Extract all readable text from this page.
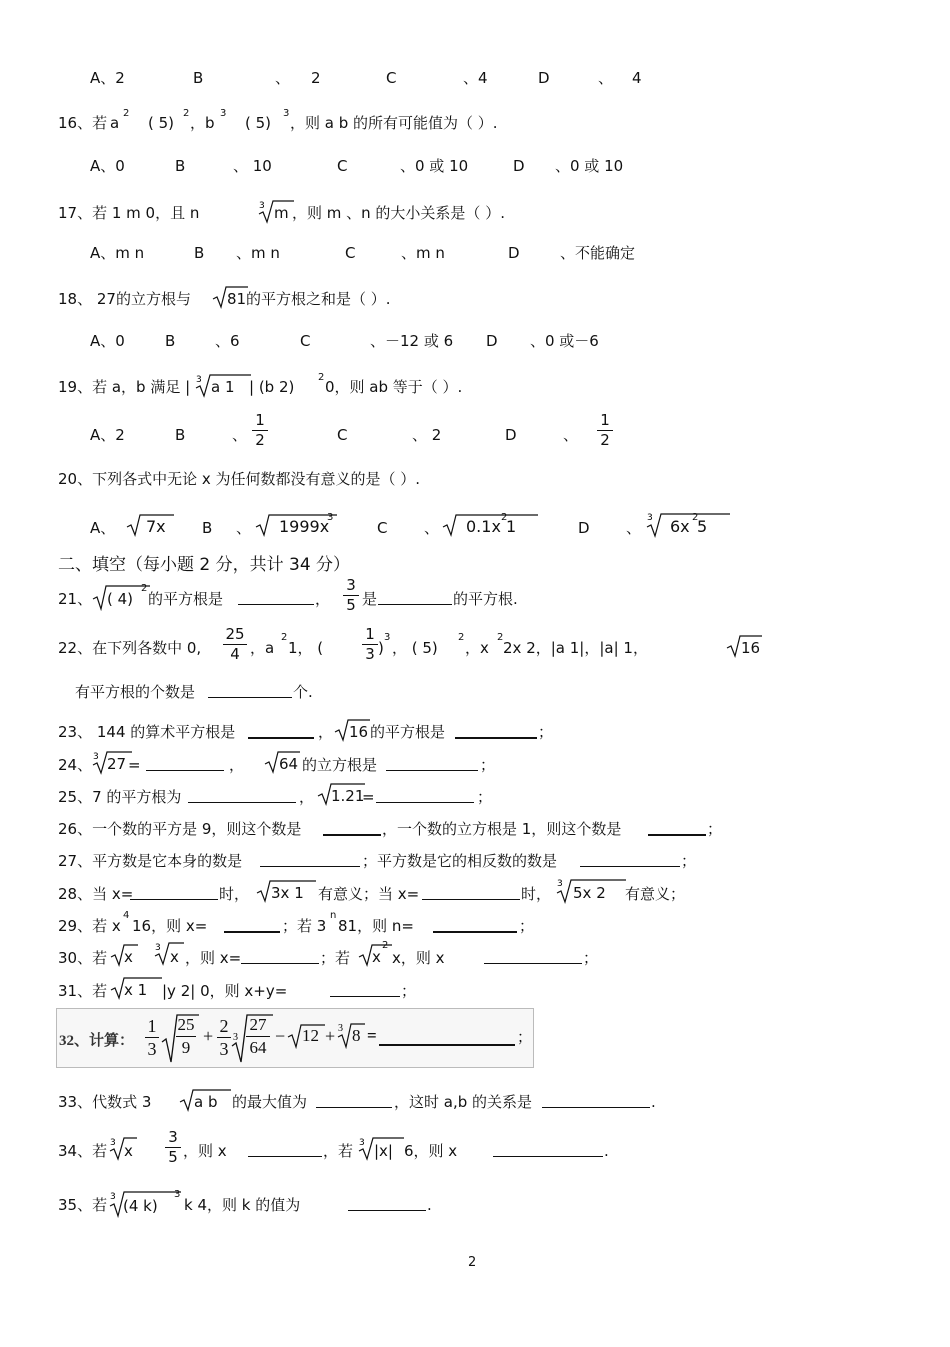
A、2	B	、 2	C	、4	D	、 4
16、若 a
2
( 5)
2
，b
3
( 5)
3
，则 a b 的所有可能值为（ ）.
A、0	B	、 10	C	、0 或 10	D 、0 或 10
17、若 1 m 0，且 n	3 m ，则 m 、n 的大小关系是（ ）.
A、m n	B 、m n	C	、m n	D	、不能确定
18、 27的立方根与 81 的平方根之和是（ ）.
A、0	B	、6	C	、－12 或 6 D 、0 或－6
19、若 a，b 满足 | 3 a 1 | (b 2)
2
0，则 ab 等于（ ）.
A、2	B	、
1
2	C	、 2	D	、
1
2
20、下列各式中无论 x 为任何数都没有意义的是（ ）.
A、 7x B 、 1999x
3
C 、 0.1x 2
1	D 、
3 6x 2
5
二、填空（每小题 2 分，共计 34 分）
21、 ( 4)
2
的平方根是	，
3
5 是	的平方根.
22、在下列各数中 0,
25
4 ，a
2
1， (
1
3 )
3
， ( 5)
2
，x
2
2x 2，|a 1|，|a| 1，	16
有平方根的个数是	个.
23、 144 的算术平方根是	， 16 的平方根是	；
24、 3 27 =	， 64 的立方根是	；
25、7 的平方根为	， 1.21
=	；
26、一个数的平方是 9，则这个数是	，一个数的立方根是 1，则这个数是	；
27、平方数是它本身的数是	；平方数是它的相反数的数是	；
28、当 x=	时， 3x 1 有意义；当 x=	时，
3 5x 2 有意义；
29、若 x
4
16，则 x=	；若 3
n
81，则 n=	；
30、若 x 3 x ，则 x=	；若 x
2
x，则 x	；
31、若 x 1 |y 2| 0，则 x+y=	；
32、计算：
1
3
25
9
+ 2
3
3
27
64
− 12 + 3 8 =	；
33、代数式 3	a b 的最大值为	，这时 a,b 的关系是	.
34、若 3 x
3
5 ，则 x	，若 3 |x| 6，则 x	.
35、若 3 (4 k)
3
k 4，则 k 的值为	.
2
